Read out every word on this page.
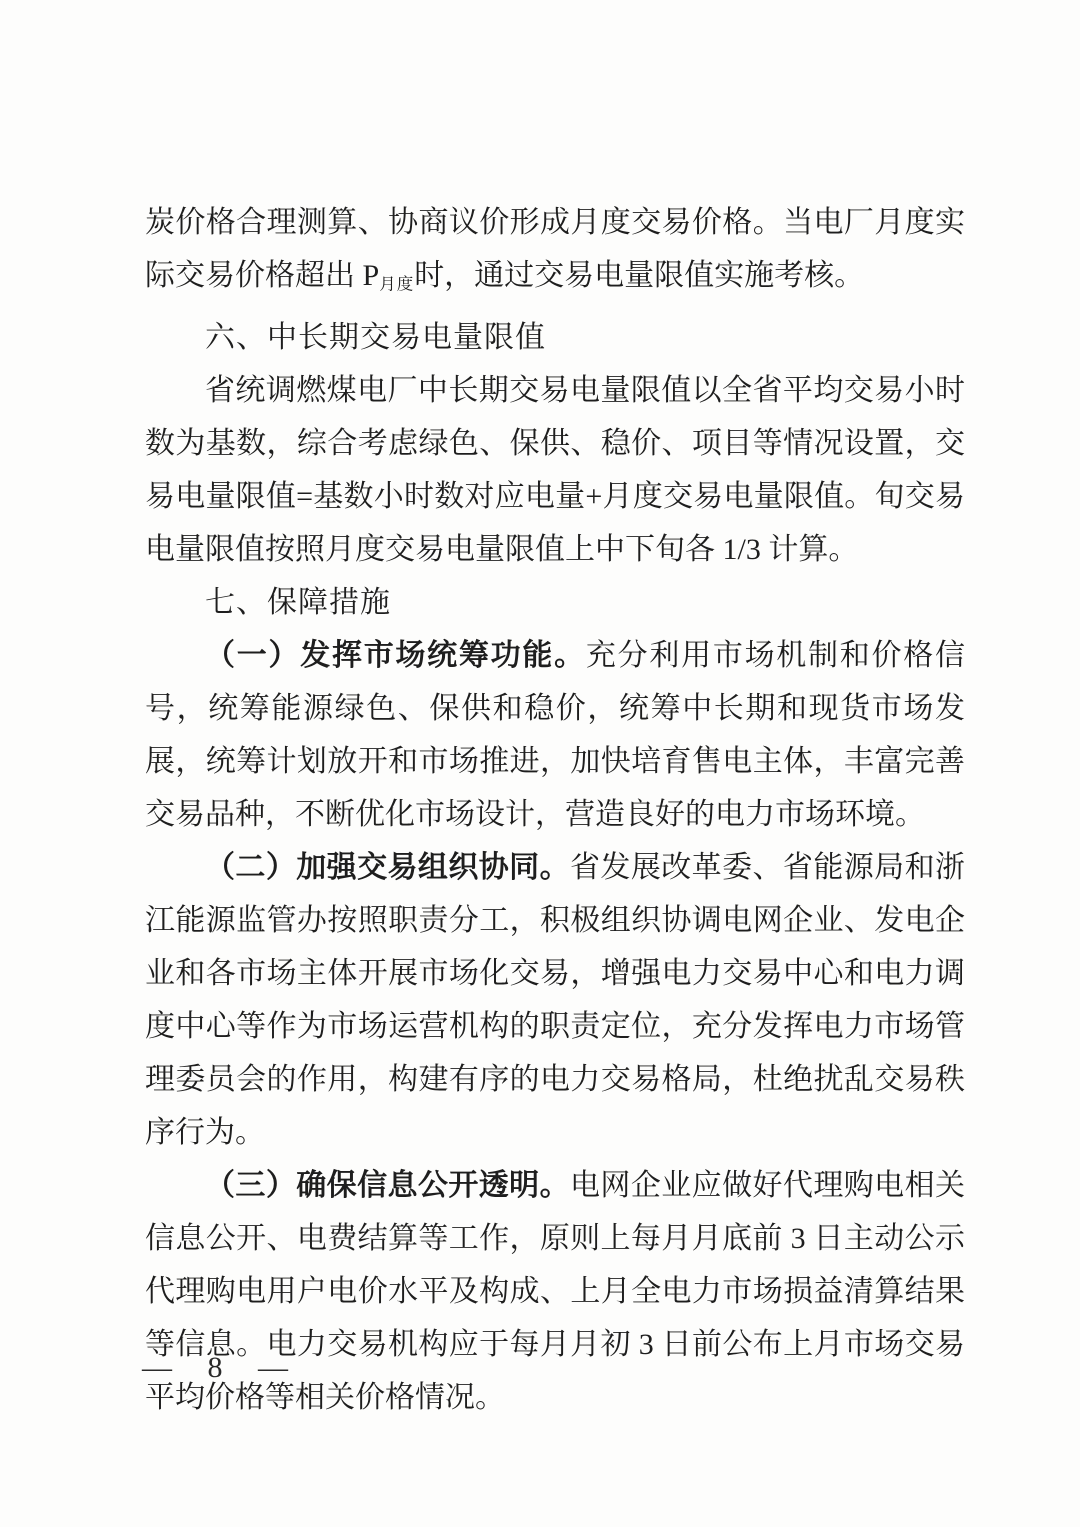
炭价格合理测算、协商议价形成月度交易价格。当电厂月度实际交易价格超出 $P_{月度}$时，通过交易电量限值实施考核。

六、中长期交易电量限值

省统调燃煤电厂中长期交易电量限值以全省平均交易小时数为基数，综合考虑绿色、保供、稳价、项目等情况设置，交易电量限值=基数小时数对应电量+月度交易电量限值。旬交易电量限值按照月度交易电量限值上中下旬各 1/3 计算。

七、保障措施

（一）发挥市场统筹功能。充分利用市场机制和价格信号，统筹能源绿色、保供和稳价，统筹中长期和现货市场发展，统筹计划放开和市场推进，加快培育售电主体，丰富完善交易品种，不断优化市场设计，营造良好的电力市场环境。

（二）加强交易组织协同。省发展改革委、省能源局和浙江能源监管办按照职责分工，积极组织协调电网企业、发电企业和各市场主体开展市场化交易，增强电力交易中心和电力调度中心等作为市场运营机构的职责定位，充分发挥电力市场管理委员会的作用，构建有序的电力交易格局，杜绝扰乱交易秩序行为。

（三）确保信息公开透明。电网企业应做好代理购电相关信息公开、电费结算等工作，原则上每月月底前 3 日主动公示代理购电用户电价水平及构成、上月全电力市场损益清算结果等信息。电力交易机构应于每月月初 3 日前公布上月市场交易平均价格等相关价格情况。

— 8 —
